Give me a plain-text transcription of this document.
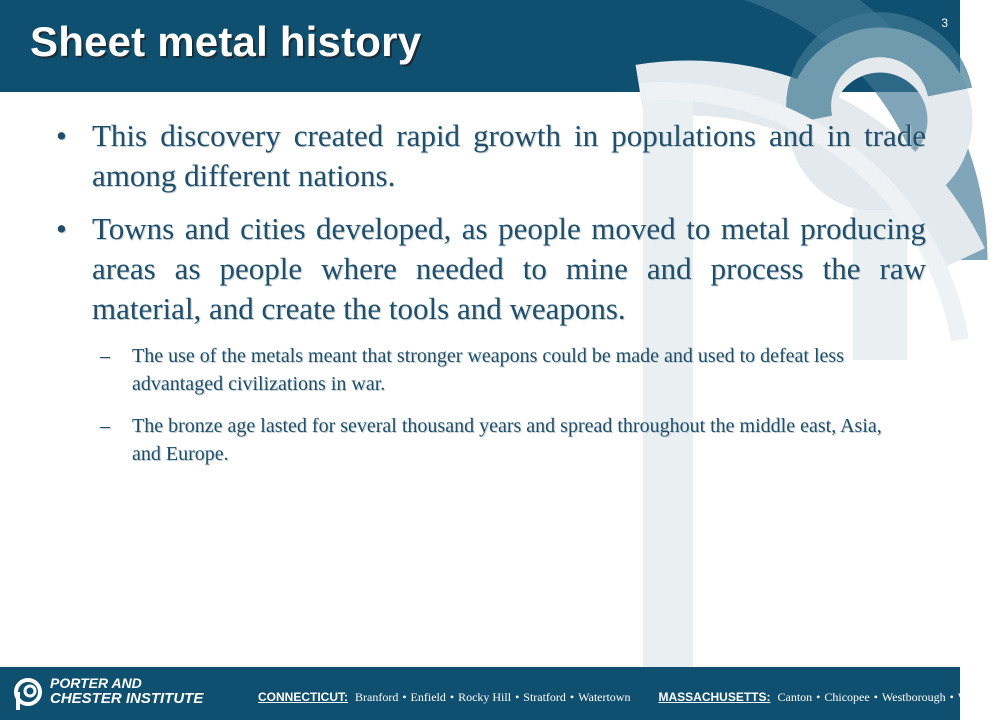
3
Sheet metal history

• This discovery created rapid growth in populations and in trade among different nations.

• Towns and cities developed, as people moved to metal producing areas as people where needed to mine and process the raw material, and create the tools and weapons.

– The use of the metals meant that stronger weapons could be made and used to defeat less advantaged civilizations in war.

– The bronze age lasted for several thousand years and spread throughout the middle east, Asia, and Europe.

PORTER AND
CHESTER INSTITUTE	CONNECTICUT: Branford • Enfield • Rocky Hill • Stratford • Watertown MASSACHUSETTS: Canton • Chicopee • Westborough • Woburn
